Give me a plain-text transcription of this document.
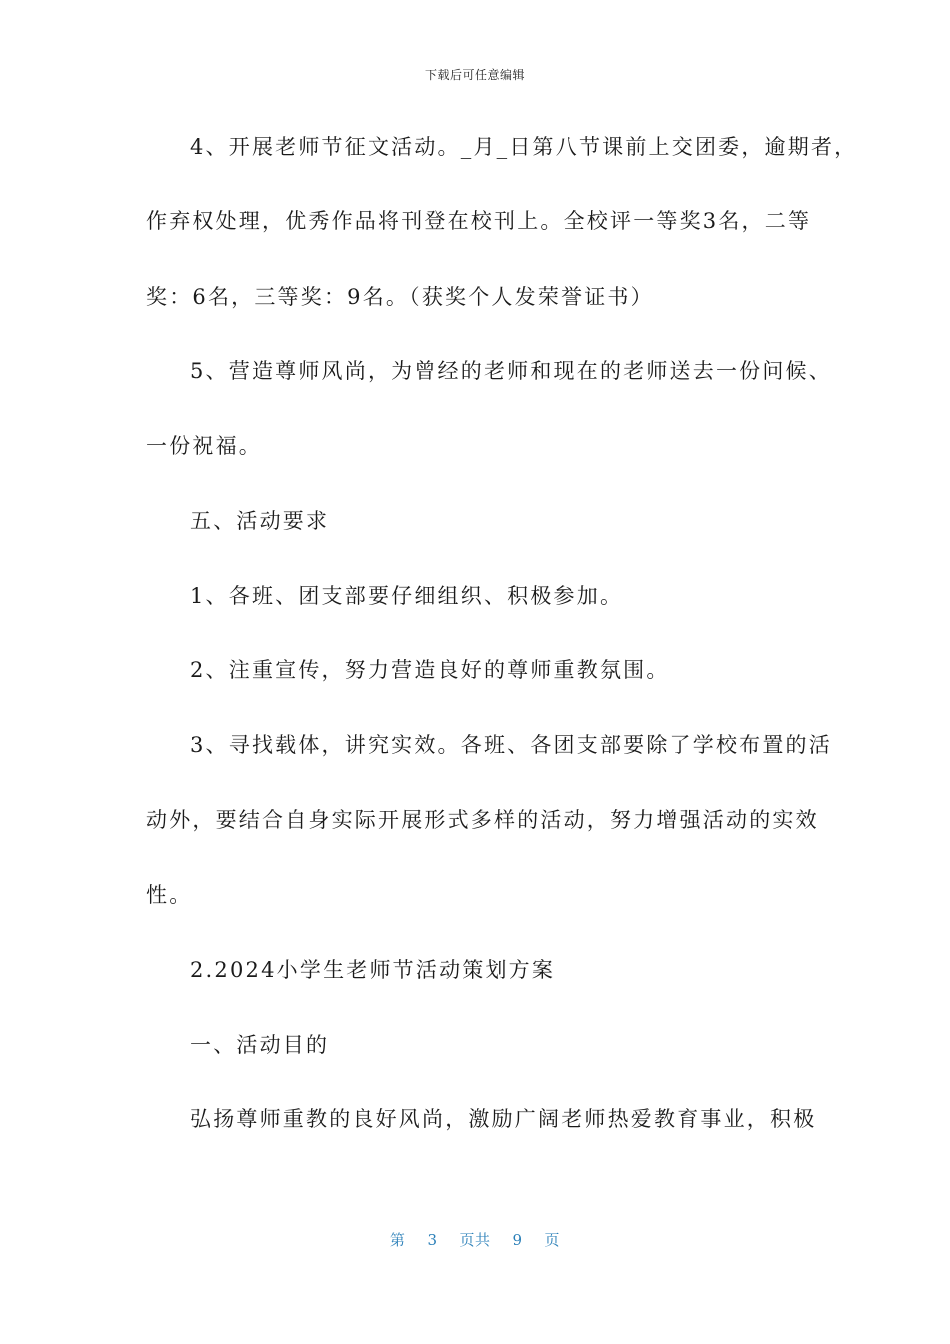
下载后可任意编辑
4、开展老师节征文活动。_月_日第八节课前上交团委，逾期者，
作弃权处理，优秀作品将刊登在校刊上。全校评一等奖3名，二等
奖：6名，三等奖：9名。（获奖个人发荣誉证书）
5、营造尊师风尚，为曾经的老师和现在的老师送去一份问候、
一份祝福。
五、活动要求
1、各班、团支部要仔细组织、积极参加。
2、注重宣传，努力营造良好的尊师重教氛围。
3、寻找载体，讲究实效。各班、各团支部要除了学校布置的活
动外，要结合自身实际开展形式多样的活动，努力增强活动的实效
性。
2.2024小学生老师节活动策划方案
一、活动目的
弘扬尊师重教的良好风尚，激励广阔老师热爱教育事业，积极
第 3 页共 9 页
